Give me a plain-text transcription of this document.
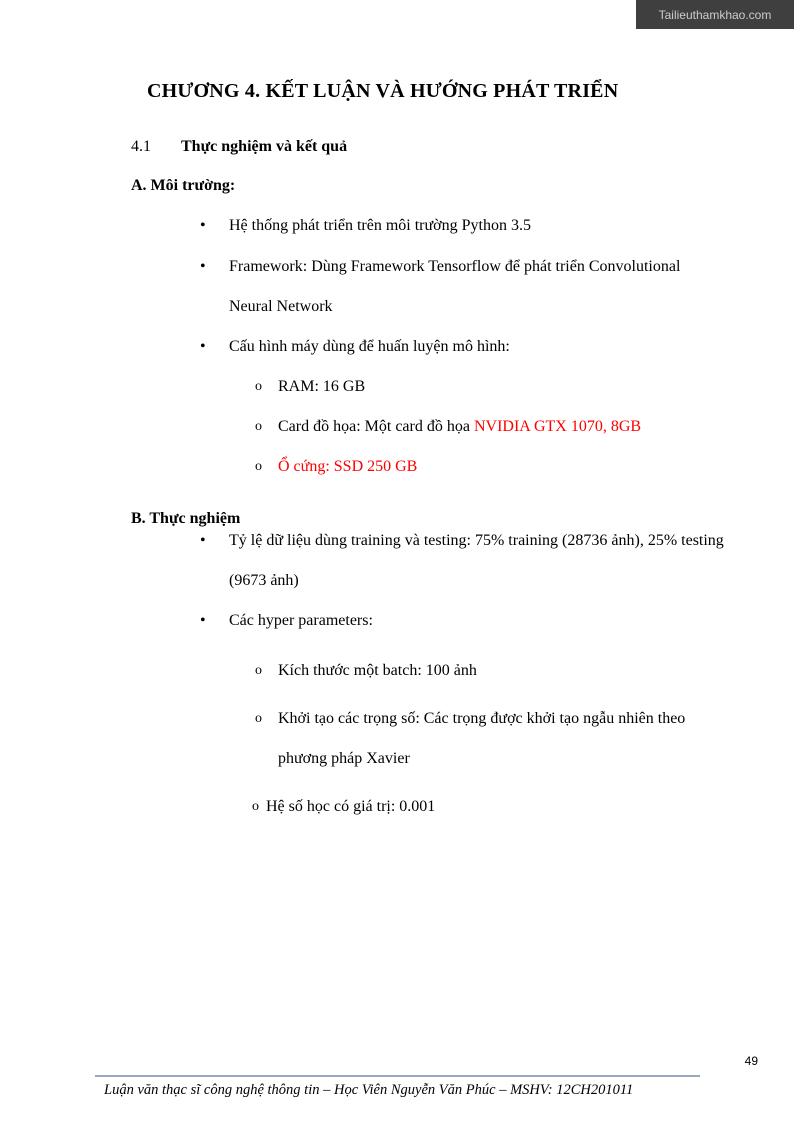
Tailieuthamkhao.com
CHƯƠNG 4. KẾT LUẬN VÀ HƯỚNG PHÁT TRIỂN
4.1 Thực nghiệm và kết quả
A. Môi trường:
•	Hệ thống phát triển trên môi trường Python 3.5
•	Framework: Dùng Framework Tensorflow để phát triển Convolutional Neural Network
•	Cấu hình máy dùng để huấn luyện mô hình:
o	RAM: 16 GB
o	Card đồ họa: Một card đồ họa NVIDIA GTX 1070, 8GB
o	Ổ cứng: SSD 250 GB
B. Thực nghiệm
•	Tỷ lệ dữ liệu dùng training và testing: 75% training (28736 ảnh), 25% testing (9673 ảnh)
•	Các hyper parameters:
o	Kích thước một batch: 100 ảnh
o	Khởi tạo các trọng số: Các trọng được khởi tạo ngẫu nhiên theo phương pháp Xavier
o Hệ số học có giá trị: 0.001
49
Luận văn thạc sĩ công nghệ thông tin – Học Viên Nguyễn Văn Phúc – MSHV: 12CH201011
